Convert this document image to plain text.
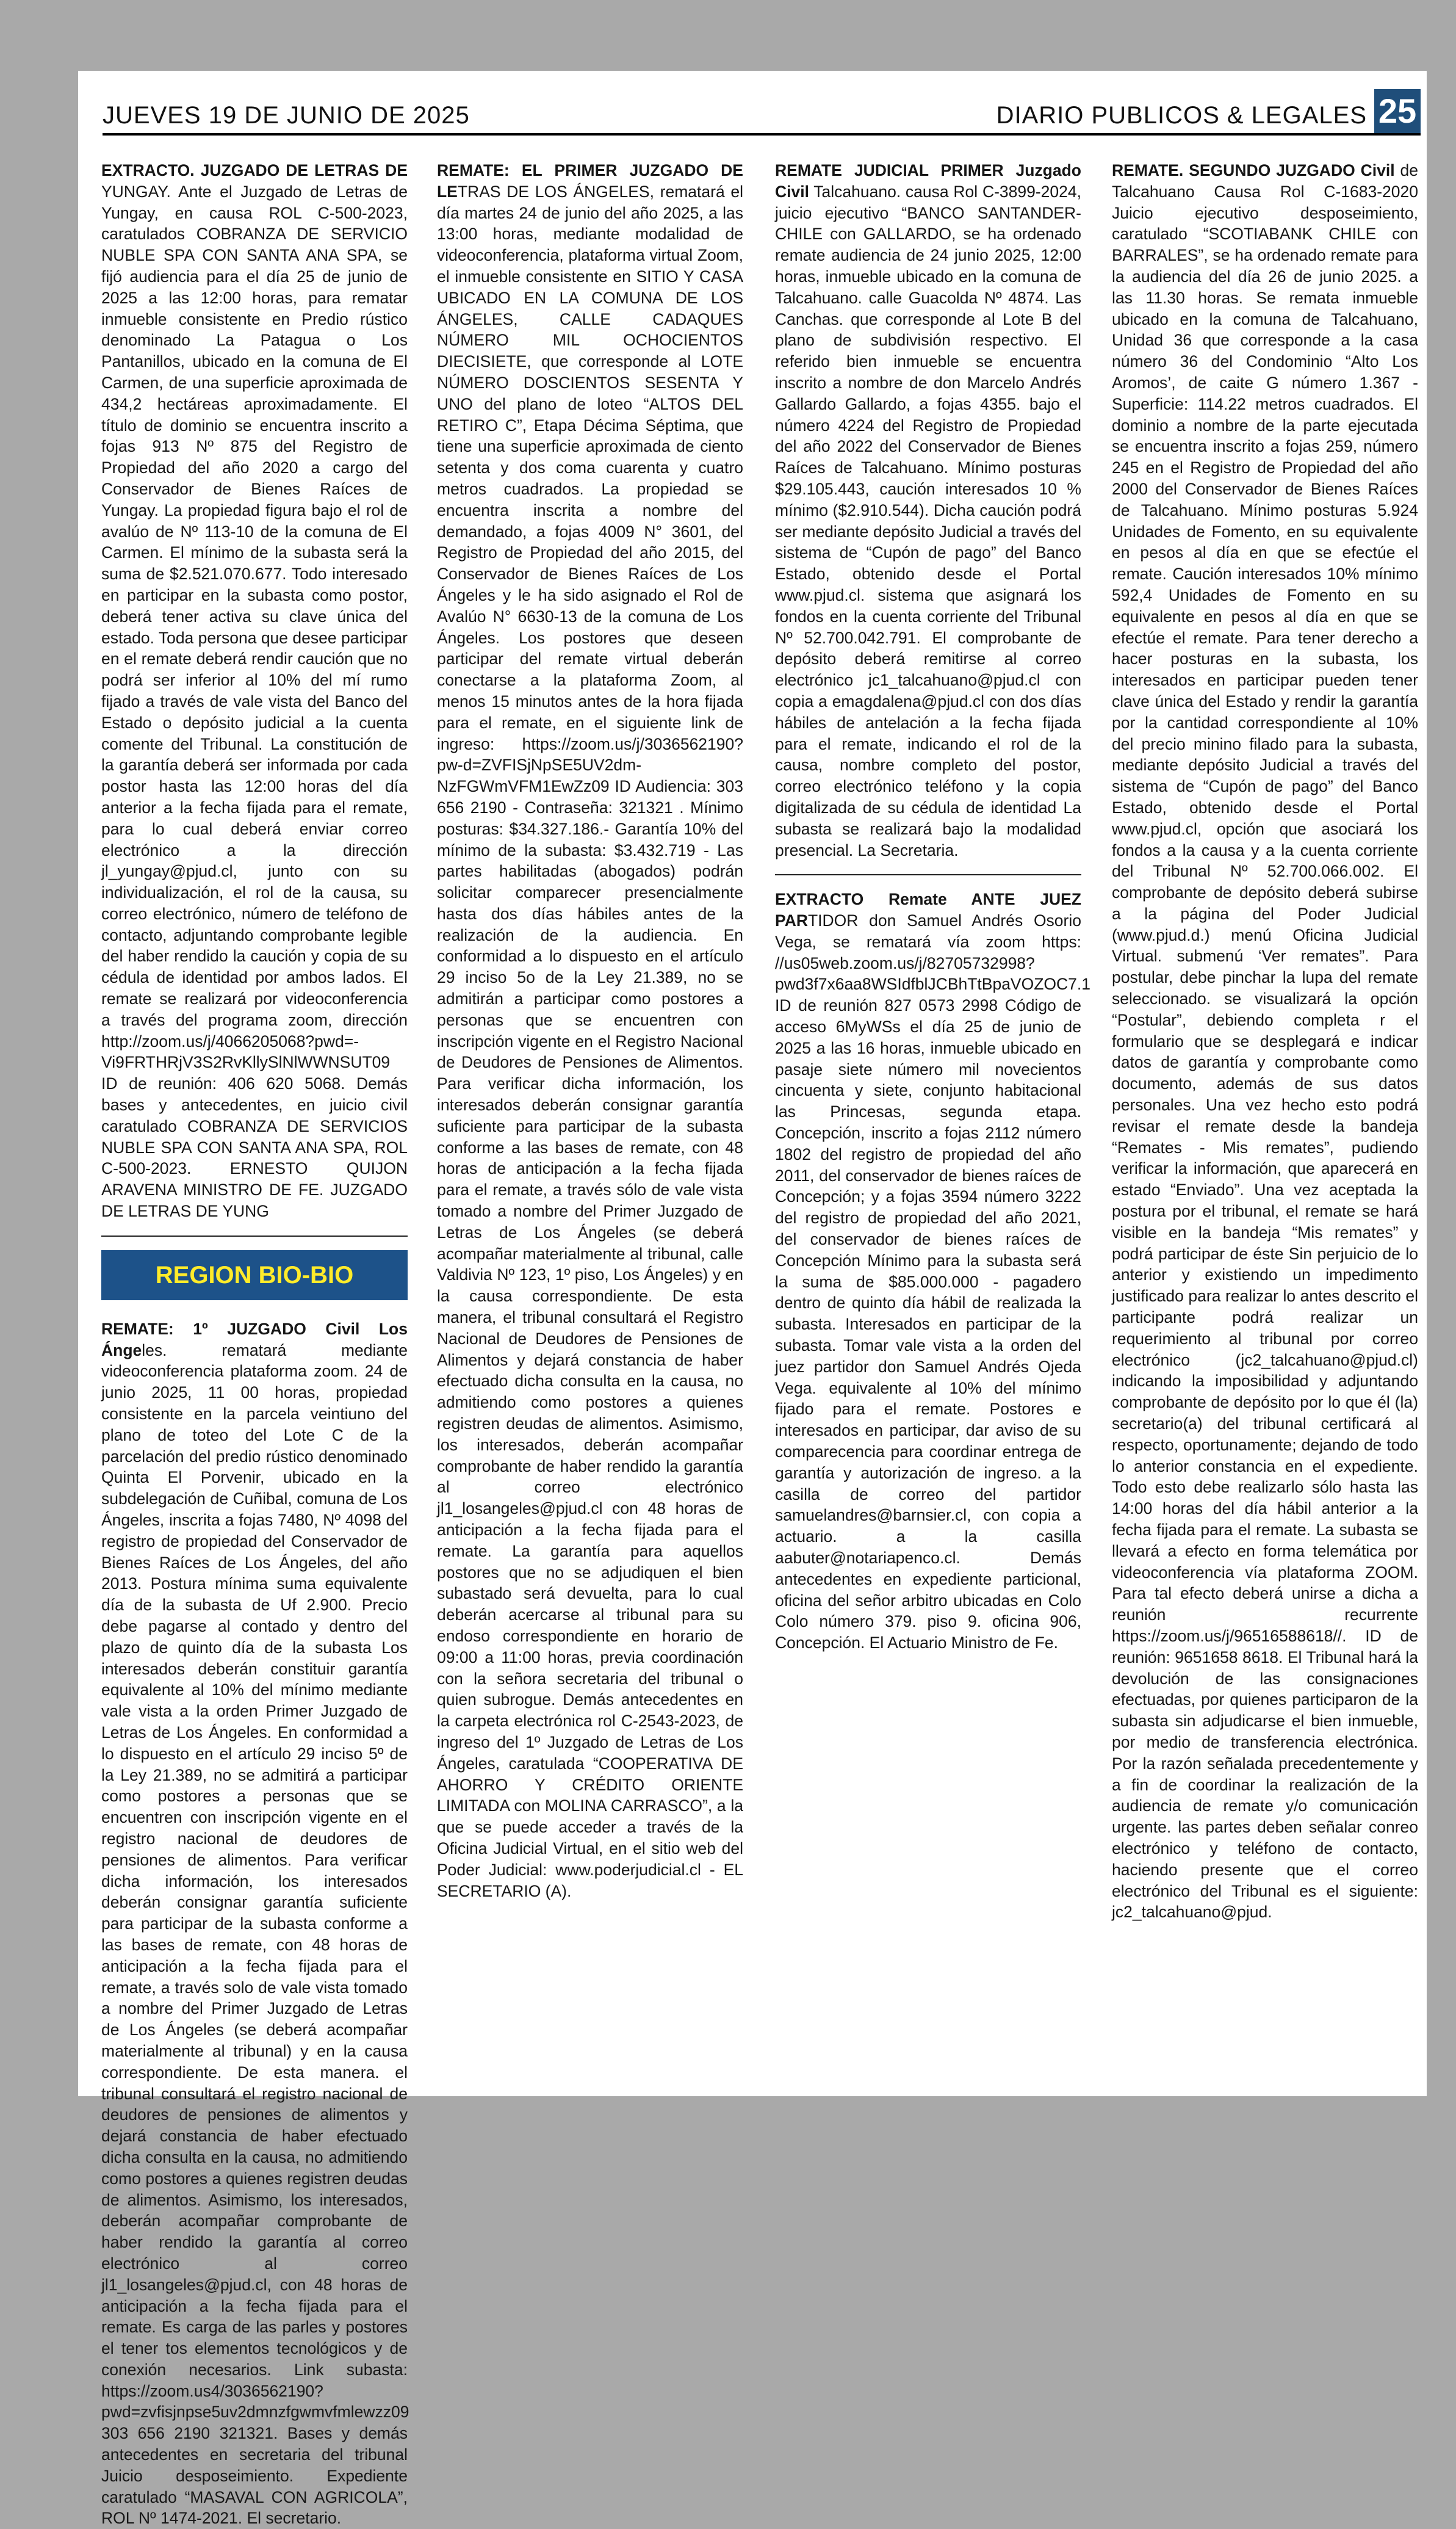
JUEVES 19 DE JUNIO DE 2025	DIARIO PUBLICOS & LEGALES 25

EXTRACTO. JUZGADO DE LETRAS DE YUNGAY. Ante el Juzgado de Letras de Yungay, en causa ROL C-500-2023, caratulados COBRANZA DE SERVICIO NUBLE SPA CON SANTA ANA SPA, se fijó audiencia para el día 25 de junio de 2025 a las 12:00 horas, para rematar inmueble consistente en Predio rústico denominado La Patagua o Los Pantanillos, ubicado en la comuna de El Carmen, de una superficie aproximada de 434,2 hectáreas aproximadamente. El título de dominio se encuentra inscrito a fojas 913 Nº 875 del Registro de Propiedad del año 2020 a cargo del Conservador de Bienes Raíces de Yungay. La propiedad figura bajo el rol de avalúo de Nº 113-10 de la comuna de El Carmen. El mínimo de la subasta será la suma de $2.521.070.677. Todo interesado en participar en la subasta como postor, deberá tener activa su clave única del estado. Toda persona que desee participar en el remate deberá rendir caución que no podrá ser inferior al 10% del mí rumo fijado a través de vale vista del Banco del Estado o depósito judicial a la cuenta comente del Tribunal. La constitución de la garantía deberá ser informada por cada postor hasta las 12:00 horas del día anterior a la fecha fijada para el remate, para lo cual deberá enviar correo electrónico a la dirección jl_yungay@pjud.cl, junto con su individualización, el rol de la causa, su correo electrónico, número de teléfono de contacto, adjuntando comprobante legible del haber rendido la caución y copia de su cédula de identidad por ambos lados. El remate se realizará por videoconferencia a través del programa zoom, dirección http://zoom.us/j/4066205068?pwd=-Vi9FRTHRjV3S2RvKllySlNlWWNSUT09 ID de reunión: 406 620 5068. Demás bases y antecedentes, en juicio civil caratulado COBRANZA DE SERVICIOS NUBLE SPA CON SANTA ANA SPA, ROL C-500-2023. ERNESTO QUIJON ARAVENA MINISTRO DE FE. JUZGADO DE LETRAS DE YUNG

REGION BIO-BIO

REMATE: 1º JUZGADO Civil Los Ángeles. rematará mediante videoconferencia plataforma zoom. 24 de junio 2025, 11 00 horas, propiedad consistente en la parcela veintiuno del plano de toteo del Lote C de la parcelación del predio rústico denominado Quinta El Porvenir, ubicado en la subdelegación de Cuñibal, comuna de Los Ángeles, inscrita a fojas 7480, Nº 4098 del registro de propiedad del Conservador de Bienes Raíces de Los Ángeles, del año 2013. Postura mínima suma equivalente día de la subasta de Uf 2.900. Precio debe pagarse al contado y dentro del plazo de quinto día de la subasta Los interesados deberán constituir garantía equivalente al 10% del mínimo mediante vale vista a la orden Primer Juzgado de Letras de Los Ángeles. En conformidad a lo dispuesto en el artículo 29 inciso 5º de la Ley 21.389, no se admitirá a participar como postores a personas que se encuentren con inscripción vigente en el registro nacional de deudores de pensiones de alimentos. Para verificar dicha información, los interesados deberán consignar garantía suficiente para participar de la subasta conforme a las bases de remate, con 48 horas de anticipación a la fecha fijada para el remate, a través solo de vale vista tomado a nombre del Primer Juzgado de Letras de Los Ángeles (se deberá acompañar materialmente al tribunal) y en la causa correspondiente. De esta manera. el tribunal consultará el registro nacional de deudores de pensiones de alimentos y dejará constancia de haber efectuado dicha consulta en la causa, no admitiendo como postores a quienes registren deudas de alimentos. Asimismo, los interesados, deberán acompañar comprobante de haber rendido la garantía al correo electrónico al correo jl1_losangeles@pjud.cl, con 48 horas de anticipación a la fecha fijada para el remate. Es carga de las parles y postores el tener tos elementos tecnológicos y de conexión necesarios. Link subasta: https://zoom.us4/3036562190?pwd=zvfisjnpse5uv2dmnzfgwmvfmlewzz09 303 656 2190 321321. Bases y demás antecedentes en secretaria del tribunal Juicio desposeimiento. Expediente caratulado “MASAVAL CON AGRICOLA”, ROL Nº 1474-2021. El secretario.

REMATE: EL PRIMER JUZGADO DE LETRAS DE LOS ÁNGELES, rematará el día martes 24 de junio del año 2025, a las 13:00 horas, mediante modalidad de videoconferencia, plataforma virtual Zoom, el inmueble consistente en SITIO Y CASA UBICADO EN LA COMUNA DE LOS ÁNGELES, CALLE CADAQUES NÚMERO MIL OCHOCIENTOS DIECISIETE, que corresponde al LOTE NÚMERO DOSCIENTOS SESENTA Y UNO del plano de loteo “ALTOS DEL RETIRO C”, Etapa Décima Séptima, que tiene una superficie aproximada de ciento setenta y dos coma cuarenta y cuatro metros cuadrados. La propiedad se encuentra inscrita a nombre del demandado, a fojas 4009 N° 3601, del Registro de Propiedad del año 2015, del Conservador de Bienes Raíces de Los Ángeles y le ha sido asignado el Rol de Avalúo N° 6630-13 de la comuna de Los Ángeles. Los postores que deseen participar del remate virtual deberán conectarse a la plataforma Zoom, al menos 15 minutos antes de la hora fijada para el remate, en el siguiente link de ingreso: https://zoom.us/j/3036562190?pw-d=ZVFISjNpSE5UV2dm-NzFGWmVFM1EwZz09 ID Audiencia: 303 656 2190 - Contraseña: 321321 . Mínimo posturas: $34.327.186.- Garantía 10% del mínimo de la subasta: $3.432.719 - Las partes habilitadas (abogados) podrán solicitar comparecer presencialmente hasta dos días hábiles antes de la realización de la audiencia. En conformidad a lo dispuesto en el artículo 29 inciso 5o de la Ley 21.389, no se admitirán a participar como postores a personas que se encuentren con inscripción vigente en el Registro Nacional de Deudores de Pensiones de Alimentos. Para verificar dicha información, los interesados deberán consignar garantía suficiente para participar de la subasta conforme a las bases de remate, con 48 horas de anticipación a la fecha fijada para el remate, a través sólo de vale vista tomado a nombre del Primer Juzgado de Letras de Los Ángeles (se deberá acompañar materialmente al tribunal, calle Valdivia Nº 123, 1º piso, Los Ángeles) y en la causa correspondiente. De esta manera, el tribunal consultará el Registro Nacional de Deudores de Pensiones de Alimentos y dejará constancia de haber efectuado dicha consulta en la causa, no admitiendo como postores a quienes registren deudas de alimentos. Asimismo, los interesados, deberán acompañar comprobante de haber rendido la garantía al correo electrónico jl1_losangeles@pjud.cl con 48 horas de anticipación a la fecha fijada para el remate. La garantía para aquellos postores que no se adjudiquen el bien subastado será devuelta, para lo cual deberán acercarse al tribunal para su endoso correspondiente en horario de 09:00 a 11:00 horas, previa coordinación con la señora secretaria del tribunal o quien subrogue. Demás antecedentes en la carpeta electrónica rol C-2543-2023, de ingreso del 1º Juzgado de Letras de Los Ángeles, caratulada “COOPERATIVA DE AHORRO Y CRÉDITO ORIENTE LIMITADA con MOLINA CARRASCO”, a la que se puede acceder a través de la Oficina Judicial Virtual, en el sitio web del Poder Judicial: www.poderjudicial.cl - EL SECRETARIO (A).

REMATE JUDICIAL PRIMER Juzgado Civil Talcahuano. causa Rol C-3899-2024, juicio ejecutivo “BANCO SANTANDER-CHILE con GALLARDO, se ha ordenado remate audiencia de 24 junio 2025, 12:00 horas, inmueble ubicado en la comuna de Talcahuano. calle Guacolda Nº 4874. Las Canchas. que corresponde al Lote B del plano de subdivisión respectivo. El referido bien inmueble se encuentra inscrito a nombre de don Marcelo Andrés Gallardo Gallardo, a fojas 4355. bajo el número 4224 del Registro de Propiedad del año 2022 del Conservador de Bienes Raíces de Talcahuano. Mínimo posturas $29.105.443, caución interesados 10 % mínimo ($2.910.544). Dicha caución podrá ser mediante depósito Judicial a través del sistema de “Cupón de pago” del Banco Estado, obtenido desde el Portal www.pjud.cl. sistema que asignará los fondos en la cuenta corriente del Tribunal Nº 52.700.042.791. El comprobante de depósito deberá remitirse al correo electrónico jc1_talcahuano@pjud.cl con copia a emagdalena@pjud.cl con dos días hábiles de antelación a la fecha fijada para el remate, indicando el rol de la causa, nombre completo del postor, correo electrónico teléfono y la copia digitalizada de su cédula de identidad La subasta se realizará bajo la modalidad presencial. La Secretaria.

EXTRACTO Remate ANTE JUEZ PARTIDOR don Samuel Andrés Osorio Vega, se rematará vía zoom https: //us05web.zoom.us/j/82705732998?pwd3f7x6aa8WSIdfblJCBhTtBpaVOZOC7.1 ID de reunión 827 0573 2998 Código de acceso 6MyWSs el día 25 de junio de 2025 a las 16 horas, inmueble ubicado en pasaje siete número mil novecientos cincuenta y siete, conjunto habitacional las Princesas, segunda etapa. Concepción, inscrito a fojas 2112 número 1802 del registro de propiedad del año 2011, del conservador de bienes raíces de Concepción; y a fojas 3594 número 3222 del registro de propiedad del año 2021, del conservador de bienes raíces de Concepción Mínimo para la subasta será la suma de $85.000.000 - pagadero dentro de quinto día hábil de realizada la subasta. Interesados en participar de la subasta. Tomar vale vista a la orden del juez partidor don Samuel Andrés Ojeda Vega. equivalente al 10% del mínimo fijado para el remate. Postores e interesados en participar, dar aviso de su comparecencia para coordinar entrega de garantía y autorización de ingreso. a la casilla de correo del partidor samuelandres@barnsier.cl, con copia a actuario. a la casilla aabuter@notariapenco.cl. Demás antecedentes en expediente particional, oficina del señor arbitro ubicadas en Colo Colo número 379. piso 9. oficina 906, Concepción. El Actuario Ministro de Fe.

REMATE. SEGUNDO JUZGADO Civil de Talcahuano Causa Rol C-1683-2020 Juicio ejecutivo desposeimiento, caratulado “SCOTIABANK CHILE con BARRALES”, se ha ordenado remate para la audiencia del día 26 de junio 2025. a las 11.30 horas. Se remata inmueble ubicado en la comuna de Talcahuano, Unidad 36 que corresponde a la casa número 36 del Condominio “Alto Los Aromos’, de caite G número 1.367 - Superficie: 114.22 metros cuadrados. El dominio a nombre de la parte ejecutada se encuentra inscrito a fojas 259, número 245 en el Registro de Propiedad del año 2000 del Conservador de Bienes Raíces de Talcahuano. Mínimo posturas 5.924 Unidades de Fomento, en su equivalente en pesos al día en que se efectúe el remate. Caución interesados 10% mínimo 592,4 Unidades de Fomento en su equivalente en pesos al día en que se efectúe el remate. Para tener derecho a hacer posturas en la subasta, los interesados en participar pueden tener clave única del Estado y rendir la garantía por la cantidad correspondiente al 10% del precio minino filado para la subasta, mediante depósito Judicial a través del sistema de “Cupón de pago” del Banco Estado, obtenido desde el Portal www.pjud.cl, opción que asociará los fondos a la causa y a la cuenta corriente del Tribunal Nº 52.700.066.002. El comprobante de depósito deberá subirse a la página del Poder Judicial (www.pjud.d.) menú Oficina Judicial Virtual. submenú ‘Ver remates”. Para postular, debe pinchar la lupa del remate seleccionado. se visualizará la opción “Postular”, debiendo completa r el formulario que se desplegará e indicar datos de garantía y comprobante como documento, además de sus datos personales. Una vez hecho esto podrá revisar el remate desde la bandeja “Remates - Mis remates”, pudiendo verificar la información, que aparecerá en estado “Enviado”. Una vez aceptada la postura por el tribunal, el remate se hará visible en la bandeja “Mis remates” y podrá participar de éste Sin perjuicio de lo anterior y existiendo un impedimento justificado para realizar lo antes descrito el participante podrá realizar un requerimiento al tribunal por correo electrónico (jc2_talcahuano@pjud.cl) indicando la imposibilidad y adjuntando comprobante de depósito por lo que él (la) secretario(a) del tribunal certificará al respecto, oportunamente; dejando de todo lo anterior constancia en el expediente. Todo esto debe realizarlo sólo hasta las 14:00 horas del día hábil anterior a la fecha fijada para el remate. La subasta se llevará a efecto en forma telemática por videoconferencia vía plataforma ZOOM. Para tal efecto deberá unirse a dicha a reunión recurrente https://zoom.us/j/96516588618//. ID de reunión: 9651658 8618. El Tribunal hará la devolución de las consignaciones efectuadas, por quienes participaron de la subasta sin adjudicarse el bien inmueble, por medio de transferencia electrónica. Por la razón señalada precedentemente y a fin de coordinar la realización de la audiencia de remate y/o comunicación urgente. las partes deben señalar conreo electrónico y teléfono de contacto, haciendo presente que el correo electrónico del Tribunal es el siguiente: jc2_talcahuano@pjud.
